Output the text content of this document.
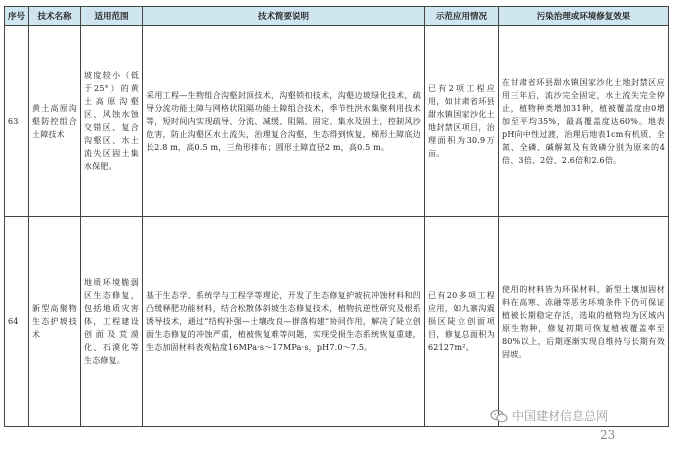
序号	技术名称	适用范围	技术简要说明	示范应用情况	污染治理或环境修复效果
63	黄土高原沟壑防控组合土障技术	坡度较小（低于25°）的黄土高原沟壑区、风蚀水蚀交错区、复合沟壑区、水土流失区固土集水保肥。	采用工程—生物组合沟壑封顶技术，沟壑锁扣技术，沟壑边坡绿化技术，疏导分流功能土障与网格状阻隔功能土障组合技术，季节性洪水集聚利用技术等，短时间内实现疏导、分流、减缓、阻隔、固定、集水及固土，控制风沙危害，防止沟壑区水土流失，治理复合沟壑，生态得到恢复，梯形土障底边长2.8 m，高0.5 m，三角形排布；圆形土障直径2 m，高0.5 m。	已有2项工程应用，如甘肃省环县甜水镇国家沙化土地封禁区项目，治理面积为30.9万亩。	在甘肃省环县甜水镇国家沙化土地封禁区应用三年后，流沙完全固定，水土流失完全停止，植物种类增加31种，植被覆盖度由0增加至平均35%，最高覆盖度达60%。地表pH向中性过渡，治理后地表1cm有机质、全氮、全磷、碱解氮及有效磷分别为原来的4倍、3倍、2倍、2.6倍和2.6倍。
64	新型高聚物生态护坡技术	地质环境脆弱区生态修复，包括地质灾害体，工程建设创面及荒漠化、石漠化等生态修复。	基于生态学、系统学与工程学等理论，开发了生态修复护坡抗冲蚀材料和凹凸缓释肥功能材料，结合松散体斜坡生态修复技术，植物抗逆性研究及根系诱导技术，通过“结构补强—土壤改良—群落构建”协同作用，解决了陡立创面生态修复的冲蚀严重，植被恢复难等问题，实现受损生态系统恢复重建，生态加固材料表观粘度16MPa·s～17MPa·s，pH7.0～7.5。	已有20多项工程应用，如九寨沟震损区陡立创面项目，修复总面积为62127m²。	使用的材料皆为环保材料，新型土壤加固材料在高寒、冻融等恶劣环境条件下仍可保证植被长期稳定存活，选取的植物均为区域内原生物种，修复初期可恢复植被覆盖率至80%以上，后期逐渐实现自维持与长期有效固坡。
中国建材信息总网
23
